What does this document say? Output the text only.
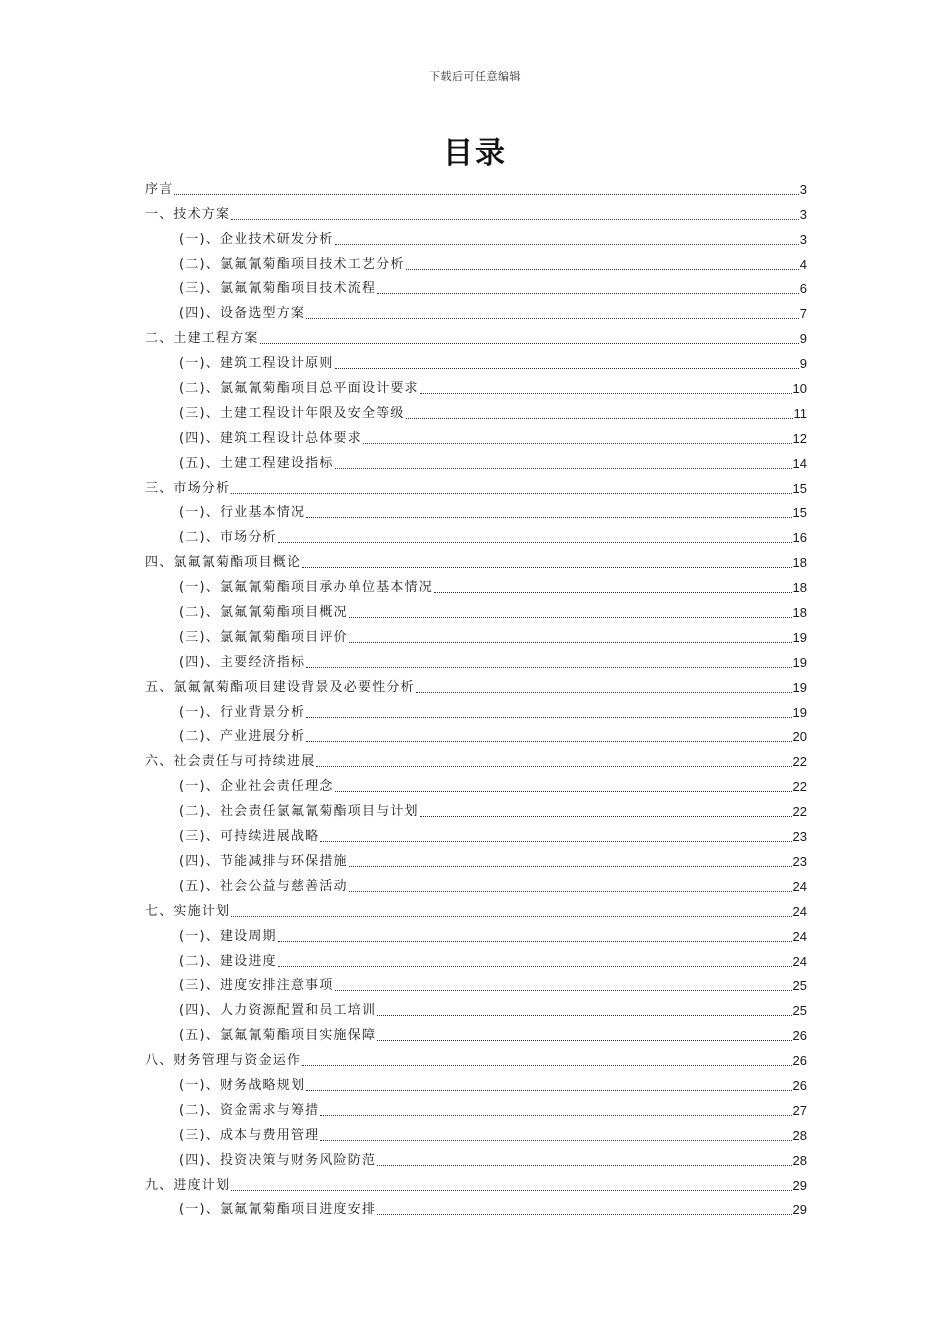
下载后可任意编辑
目录
序言	3
一、技术方案	3
(一)、企业技术研发分析	3
(二)、氯氟氰菊酯项目技术工艺分析	4
(三)、氯氟氰菊酯项目技术流程	6
(四)、设备选型方案	7
二、土建工程方案	9
(一)、建筑工程设计原则	9
(二)、氯氟氰菊酯项目总平面设计要求	10
(三)、土建工程设计年限及安全等级	11
(四)、建筑工程设计总体要求	12
(五)、土建工程建设指标	14
三、市场分析	15
(一)、行业基本情况	15
(二)、市场分析	16
四、氯氟氰菊酯项目概论	18
(一)、氯氟氰菊酯项目承办单位基本情况	18
(二)、氯氟氰菊酯项目概况	18
(三)、氯氟氰菊酯项目评价	19
(四)、主要经济指标	19
五、氯氟氰菊酯项目建设背景及必要性分析	19
(一)、行业背景分析	19
(二)、产业进展分析	20
六、社会责任与可持续进展	22
(一)、企业社会责任理念	22
(二)、社会责任氯氟氰菊酯项目与计划	22
(三)、可持续进展战略	23
(四)、节能减排与环保措施	23
(五)、社会公益与慈善活动	24
七、实施计划	24
(一)、建设周期	24
(二)、建设进度	24
(三)、进度安排注意事项	25
(四)、人力资源配置和员工培训	25
(五)、氯氟氰菊酯项目实施保障	26
八、财务管理与资金运作	26
(一)、财务战略规划	26
(二)、资金需求与筹措	27
(三)、成本与费用管理	28
(四)、投资决策与财务风险防范	28
九、进度计划	29
(一)、氯氟氰菊酯项目进度安排	29
